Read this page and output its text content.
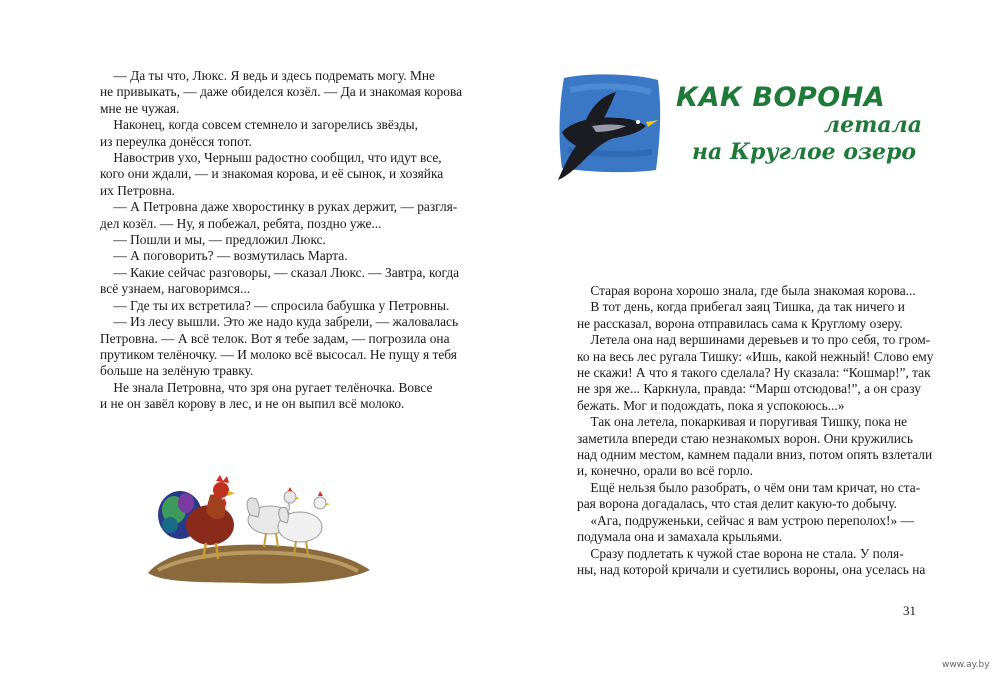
— Да ты что, Люкс. Я ведь и здесь подремать могу. Мне
не привыкать, — даже обиделся козёл. — Да и знакомая корова
мне не чужая.
Наконец, когда совсем стемнело и загорелись звёзды,
из переулка донёсся топот.
Навострив ухо, Черныш радостно сообщил, что идут все,
кого они ждали, — и знакомая корова, и её сынок, и хозяйка
их Петровна.
— А Петровна даже хворостинку в руках держит, — разгля-
дел козёл. — Ну, я побежал, ребята, поздно уже...
— Пошли и мы, — предложил Люкс.
— А поговорить? — возмутилась Марта.
— Какие сейчас разговоры, — сказал Люкс. — Завтра, когда
всё узнаем, наговоримся...
— Где ты их встретила? — спросила бабушка у Петровны.
— Из лесу вышли. Это же надо куда забрели, — жаловалась
Петровна. — А всё телок. Вот я тебе задам, — погрозила она
прутиком телёночку. — И молоко всё высосал. Не пущу я тебя
больше на зелёную травку.
Не знала Петровна, что зря она ругает телёночка. Вовсе
и не он завёл корову в лес, и не он выпил всё молоко.
КАК ВОРОНА
летала
на Круглое озеро
Старая ворона хорошо знала, где была знакомая корова...
В тот день, когда прибегал заяц Тишка, да так ничего и
не рассказал, ворона отправилась сама к Круглому озеру.
Летела она над вершинами деревьев и то про себя, то гром-
ко на весь лес ругала Тишку: «Ишь, какой нежный! Слово ему
не скажи! А что я такого сделала? Ну сказала: “Кошмар!”, так
не зря же... Каркнула, правда: “Марш отсюдова!”, а он сразу
бежать. Мог и подождать, пока я успокоюсь...»
Так она летела, покаркивая и поругивая Тишку, пока не
заметила впереди стаю незнакомых ворон. Они кружились
над одним местом, камнем падали вниз, потом опять взлетали
и, конечно, орали во всё горло.
Ещё нельзя было разобрать, о чём они там кричат, но ста-
рая ворона догадалась, что стая делит какую-то добычу.
«Ага, подруженьки, сейчас я вам устрою переполох!» —
подумала она и замахала крыльями.
Сразу подлетать к чужой стае ворона не стала. У поля-
ны, над которой кричали и суетились вороны, она уселась на
31
www.ay.by
